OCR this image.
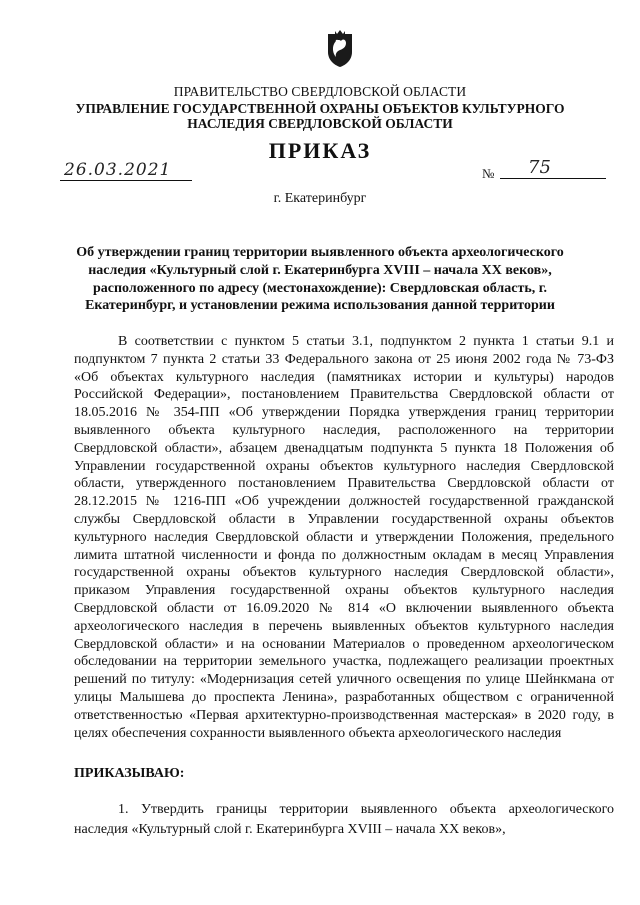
ПРАВИТЕЛЬСТВО СВЕРДЛОВСКОЙ ОБЛАСТИ
УПРАВЛЕНИЕ ГОСУДАРСТВЕННОЙ ОХРАНЫ ОБЪЕКТОВ КУЛЬТУРНОГО НАСЛЕДИЯ СВЕРДЛОВСКОЙ ОБЛАСТИ
ПРИКАЗ
26.03.2021	№ 75
г. Екатеринбург
Об утверждении границ территории выявленного объекта археологического наследия «Культурный слой г. Екатеринбурга XVIII – начала XX веков», расположенного по адресу (местонахождение): Свердловская область, г. Екатеринбург, и установлении режима использования данной территории
В соответствии с пунктом 5 статьи 3.1, подпунктом 2 пункта 1 статьи 9.1 и подпунктом 7 пункта 2 статьи 33 Федерального закона от 25 июня 2002 года № 73-ФЗ «Об объектах культурного наследия (памятниках истории и культуры) народов Российской Федерации», постановлением Правительства Свердловской области от 18.05.2016 № 354-ПП «Об утверждении Порядка утверждения границ территории выявленного объекта культурного наследия, расположенного на территории Свердловской области», абзацем двенадцатым подпункта 5 пункта 18 Положения об Управлении государственной охраны объектов культурного наследия Свердловской области, утвержденного постановлением Правительства Свердловской области от 28.12.2015 № 1216-ПП «Об учреждении должностей государственной гражданской службы Свердловской области в Управлении государственной охраны объектов культурного наследия Свердловской области и утверждении Положения, предельного лимита штатной численности и фонда по должностным окладам в месяц Управления государственной охраны объектов культурного наследия Свердловской области», приказом Управления государственной охраны объектов культурного наследия Свердловской области от 16.09.2020 № 814 «О включении выявленного объекта археологического наследия в перечень выявленных объектов культурного наследия Свердловской области» и на основании Материалов о проведенном археологическом обследовании на территории земельного участка, подлежащего реализации проектных решений по титулу: «Модернизация сетей уличного освещения по улице Шейнкмана от улицы Малышева до проспекта Ленина», разработанных обществом с ограниченной ответственностью «Первая архитектурно-производственная мастерская» в 2020 году, в целях обеспечения сохранности выявленного объекта археологического наследия
ПРИКАЗЫВАЮ:
1. Утвердить границы территории выявленного объекта археологического наследия «Культурный слой г. Екатеринбурга XVIII – начала XX веков»,
